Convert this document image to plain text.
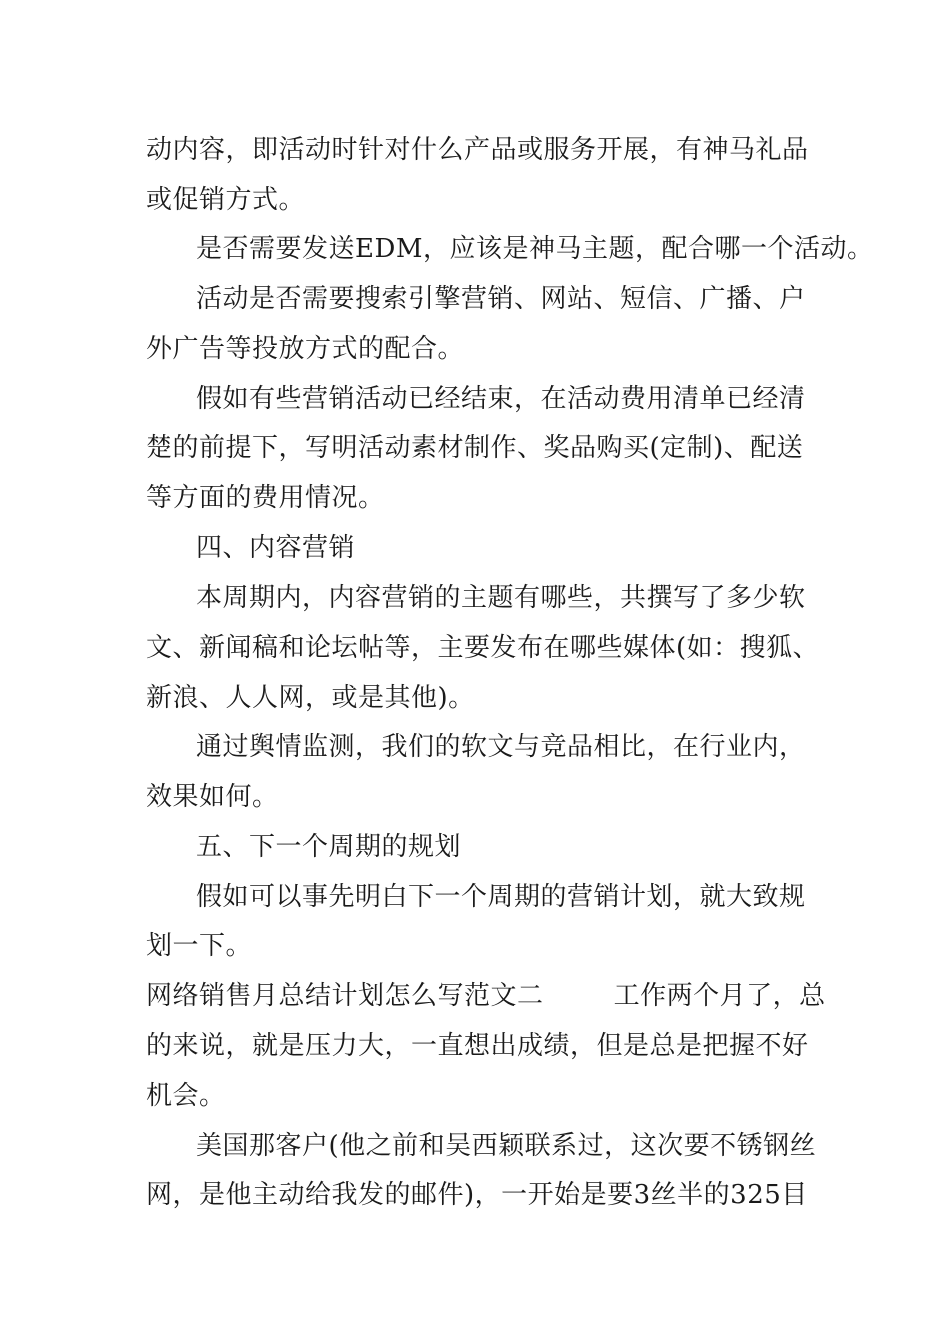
动内容，即活动时针对什么产品或服务开展，有神马礼品
或促销方式。
是否需要发送EDM，应该是神马主题，配合哪一个活动。
活动是否需要搜索引擎营销、网站、短信、广播、户
外广告等投放方式的配合。
假如有些营销活动已经结束，在活动费用清单已经清
楚的前提下，写明活动素材制作、奖品购买(定制)、配送
等方面的费用情况。
四、内容营销
本周期内，内容营销的主题有哪些，共撰写了多少软
文、新闻稿和论坛帖等，主要发布在哪些媒体(如：搜狐、
新浪、人人网，或是其他)。
通过舆情监测，我们的软文与竞品相比，在行业内，
效果如何。
五、下一个周期的规划
假如可以事先明白下一个周期的营销计划，就大致规
划一下。
网络销售月总结计划怎么写范文二        工作两个月了，总
的来说，就是压力大，一直想出成绩，但是总是把握不好
机会。
美国那客户(他之前和吴西颖联系过，这次要不锈钢丝
网，是他主动给我发的邮件)，一开始是要3丝半的325目
